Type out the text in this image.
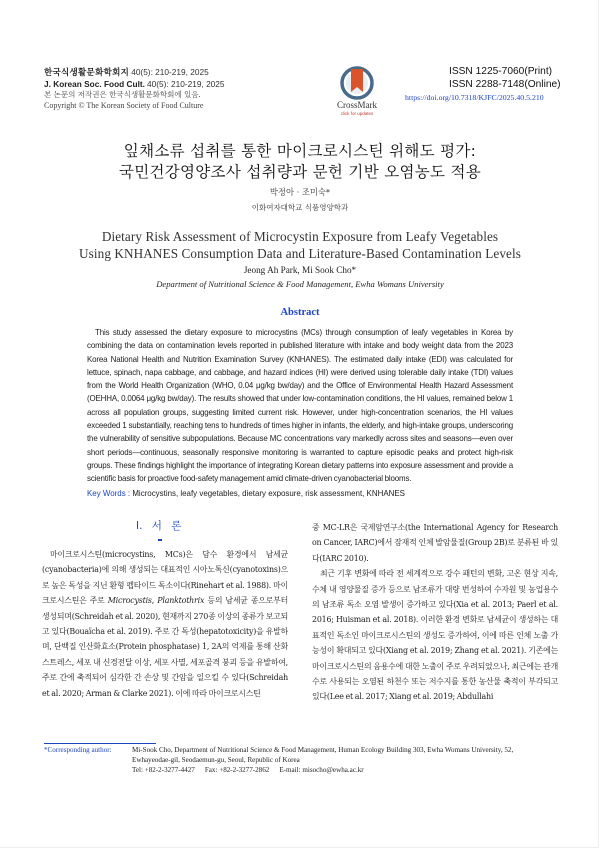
한국식생활문화학회지 40(5): 210-219, 2025
J. Korean Soc. Food Cult. 40(5): 210-219, 2025
본 논문의 저작권은 한국식생활문화학회에 있음.
Copyright © The Korean Society of Food Culture	CrossMark
click for updates
ISSN 1225-7060(Print)
ISSN 2288-7148(Online)
https://doi.org/10.7318/KJFC/2025.40.5.210
잎채소류 섭취를 통한 마이크로시스틴 위해도 평가:
국민건강영양조사 섭취량과 문헌 기반 오염농도 적용
박정아 · 조미숙*
이화여자대학교 식품영양학과
Dietary Risk Assessment of Microcystin Exposure from Leafy Vegetables
Using KNHANES Consumption Data and Literature-Based Contamination Levels
Jeong Ah Park, Mi Sook Cho*
Department of Nutritional Science & Food Management, Ewha Womans University
Abstract
This study assessed the dietary exposure to microcystins (MCs) through consumption of leafy vegetables in Korea by combining the data on contamination levels reported in published literature with intake and body weight data from the 2023 Korea National Health and Nutrition Examination Survey (KNHANES). The estimated daily intake (EDI) was calculated for lettuce, spinach, napa cabbage, and cabbage, and hazard indices (HI) were derived using tolerable daily intake (TDI) values from the World Health Organization (WHO, 0.04 μg/kg bw/day) and the Office of Environmental Health Hazard Assessment (OEHHA, 0.0064 μg/kg bw/day). The results showed that under low-contamination conditions, the HI values, remained below 1 across all population groups, suggesting limited current risk. However, under high-concentration scenarios, the HI values exceeded 1 substantially, reaching tens to hundreds of times higher in infants, the elderly, and high-intake groups, underscoring the vulnerability of sensitive subpopulations. Because MC concentrations vary markedly across sites and seasons—even over short periods—continuous, seasonally responsive monitoring is warranted to capture episodic peaks and protect high-risk groups. These findings highlight the importance of integrating Korean dietary patterns into exposure assessment and provide a scientific basis for proactive food-safety management amid climate-driven cyanobacterial blooms.
Key Words : Microcystins, leafy vegetables, dietary exposure, risk assessment, KNHANES
I. 서 론

마이크로시스틴(microcystins, MCs)은 담수 환경에서 남세균(cyanobacteria)에 의해 생성되는 대표적인 시아노톡신(cyanotoxins)으로 높은 독성을 지닌 환형 펩타이드 독소이다(Rinehart et al. 1988). 마이크로시스틴은 주로 Microcystis, Planktothrix 등의 남세균 종으로부터 생성되며(Schreidah et al. 2020), 현재까지 270종 이상의 종류가 보고되고 있다(Bouaïcha et al. 2019). 주로 간 독성(hepatotoxicity)을 유발하며, 단백질 인산화효소(Protein phosphatase) 1, 2A의 억제를 통해 산화 스트레스, 세포 내 신경전달 이상, 세포 사멸, 세포골격 붕괴 등을 유발하여, 주로 간에 축적되어 심각한 간 손상 및 간암을 일으킬 수 있다(Schreidah et al. 2020; Arman & Clarke 2021). 이에 따라 마이크로시스틴

중 MC-LR은 국제암연구소(the International Agency for Research on Cancer, IARC)에서 잠재적 인체 발암물질(Group 2B)로 분류된 바 있다(IARC 2010).

최근 기후 변화에 따라 전 세계적으로 강수 패턴의 변화, 고온 현상 지속, 수체 내 영양물질 증가 등으로 남조류가 대량 번성하여 수자원 및 농업용수의 남조류 독소 오염 발생이 증가하고 있다(Xia et al. 2013; Paerl et al. 2016; Huisman et al. 2018). 이러한 환경 변화로 남세균이 생성하는 대표적인 독소인 마이크로시스틴의 생성도 증가하여, 이에 따른 인체 노출 가능성이 확대되고 있다(Xiang et al. 2019; Zhang et al. 2021). 기존에는 마이크로시스틴의 음용수에 대한 노출이 주로 우려되었으나, 최근에는 관개수로 사용되는 오염된 하천수 또는 저수지를 통한 농산물 축적이 부각되고 있다(Lee et al. 2017; Xiang et al. 2019; Abdullahi

*Corresponding author:	Mi-Sook Cho, Department of Nutritional Science & Food Management, Human Ecology Building 303, Ewha Womans University, 52,
Ewhayeodae-gil, Seodaemun-gu, Seoul, Republic of Korea
Tel: +82-2-3277-4427 Fax: +82-2-3277-2862 E-mail: misocho@ewha.ac.kr
